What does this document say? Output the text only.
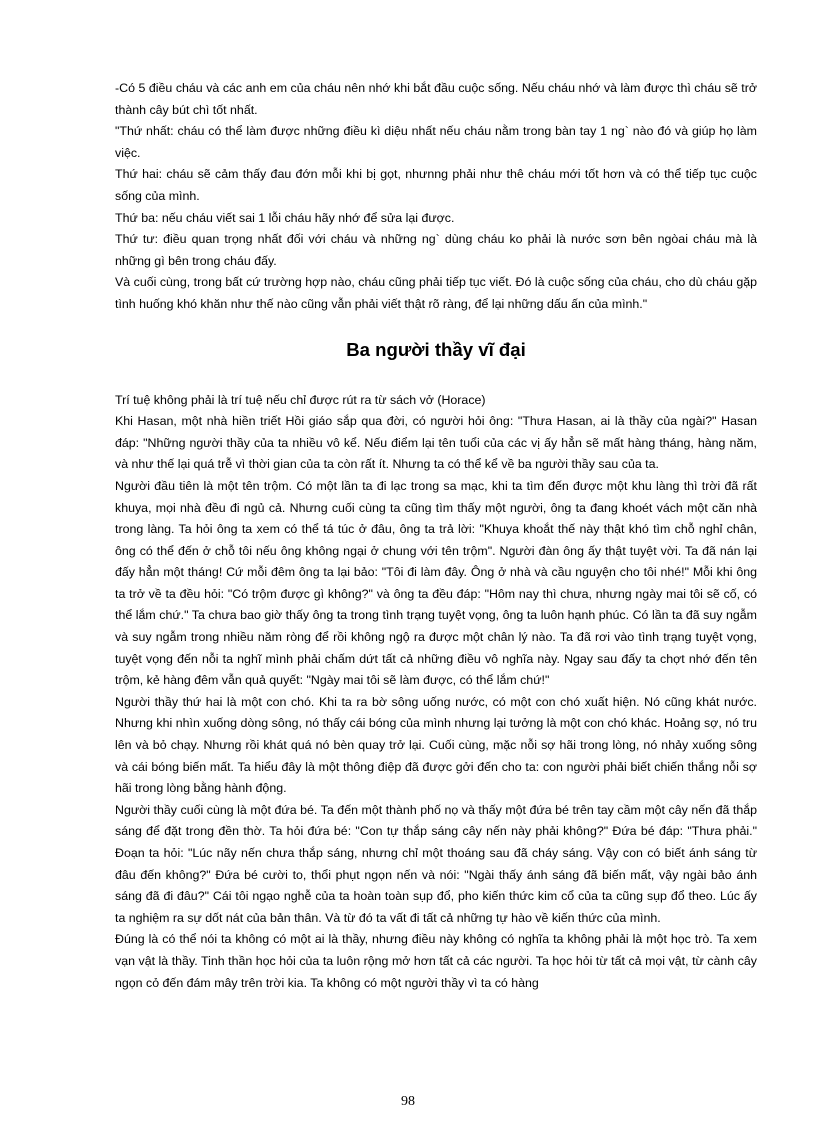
-Có 5 điều cháu và các anh em của cháu nên nhớ khi bắt đầu cuộc sống. Nếu cháu nhớ và làm được thì cháu sẽ trở thành cây bút chì tốt nhất.

"Thứ nhất: cháu có thể làm được những điều kì diệu nhất nếu cháu nằm trong bàn tay 1 ng` nào đó và giúp họ làm việc.

Thứ hai: cháu sẽ cảm thấy đau đớn mỗi khi bị gọt, nhưnng phải như thê cháu mới tốt hơn và có thể tiếp tục cuộc sống của mình.

Thứ ba: nếu cháu viết sai 1 lỗi cháu hãy nhớ để sửa lại được.

Thứ tư: điều quan trọng nhất đối với cháu và những ng` dùng cháu ko phải là nước sơn bên ngòai cháu mà là những gì bên trong cháu đấy.

Và cuối cùng, trong bất cứ trường hợp nào, cháu cũng phải tiếp tục viết. Đó là cuộc sống của cháu, cho dù cháu gặp tình huống khó khăn như thế nào cũng vẫn phải viết thật rõ ràng, để lại những dấu ấn của mình."

Ba người thầy vĩ đại

Trí tuệ không phải là trí tuệ nếu chỉ được rút ra từ sách vở (Horace)

Khi Hasan, một nhà hiền triết Hồi giáo sắp qua đời, có người hỏi ông: "Thưa Hasan, ai là thầy của ngài?" Hasan đáp: "Những người thầy của ta nhiều vô kể. Nếu điểm lại tên tuổi của các vị ấy hẳn sẽ mất hàng tháng, hàng năm, và như thế lại quá trễ vì thời gian của ta còn rất ít. Nhưng ta có thể kể về ba người thầy sau của ta.

Người đầu tiên là một tên trộm. Có một lần ta đi lạc trong sa mạc, khi ta tìm đến được một khu làng thì trời đã rất khuya, mọi nhà đều đi ngủ cả. Nhưng cuối cùng ta cũng tìm thấy một người, ông ta đang khoét vách một căn nhà trong làng. Ta hỏi ông ta xem có thể tá túc ở đâu, ông ta trả lời: "Khuya khoắt thế này thật khó tìm chỗ nghỉ chân, ông có thể đến ở chỗ tôi nếu ông không ngại ở chung với tên trộm". Người đàn ông ấy thật tuyệt vời. Ta đã nán lại đấy hẳn một tháng! Cứ mỗi đêm ông ta lại bảo: "Tôi đi làm đây. Ông ở nhà và cầu nguyện cho tôi nhé!" Mỗi khi ông ta trở về ta đều hỏi: "Có trộm được gì không?" và ông ta đều đáp: "Hôm nay thì chưa, nhưng ngày mai tôi sẽ cố, có thể lắm chứ." Ta chưa bao giờ thấy ông ta trong tình trạng tuyệt vọng, ông ta luôn hạnh phúc. Có lần ta đã suy ngẫm và suy ngẫm trong nhiều năm ròng để rồi không ngộ ra được một chân lý nào. Ta đã rơi vào tình trạng tuyệt vọng, tuyệt vọng đến nỗi ta nghĩ mình phải chấm dứt tất cả những điều vô nghĩa này. Ngay sau đấy ta chợt nhớ đến tên trộm, kẻ hàng đêm vẫn quả quyết: "Ngày mai tôi sẽ làm được, có thể lắm chứ!"

Người thầy thứ hai là một con chó. Khi ta ra bờ sông uống nước, có một con chó xuất hiện. Nó cũng khát nước. Nhưng khi nhìn xuống dòng sông, nó thấy cái bóng của mình nhưng lại tưởng là một con chó khác. Hoảng sợ, nó tru lên và bỏ chạy. Nhưng rồi khát quá nó bèn quay trở lại. Cuối cùng, mặc nỗi sợ hãi trong lòng, nó nhảy xuống sông và cái bóng biến mất. Ta hiểu đây là một thông điệp đã được gởi đến cho ta: con người phải biết chiến thắng nỗi sợ hãi trong lòng bằng hành động.

Người thầy cuối cùng là một đứa bé. Ta đến một thành phố nọ và thấy một đứa bé trên tay cầm một cây nến đã thắp sáng để đặt trong đền thờ. Ta hỏi đứa bé: "Con tự thắp sáng cây nến này phải không?" Đứa bé đáp: "Thưa phải." Đoạn ta hỏi: "Lúc nãy nến chưa thắp sáng, nhưng chỉ một thoáng sau đã cháy sáng. Vậy con có biết ánh sáng từ đâu đến không?" Đứa bé cười to, thổi phụt ngọn nến và nói: "Ngài thấy ánh sáng đã biến mất, vậy ngài bảo ánh sáng đã đi đâu?" Cái tôi ngạo nghễ của ta hoàn toàn sụp đổ, pho kiến thức kim cổ của ta cũng sụp đổ theo. Lúc ấy ta nghiệm ra sự dốt nát của bản thân. Và từ đó ta vất đi tất cả những tự hào về kiến thức của mình.

Đúng là có thể nói ta không có một ai là thầy, nhưng điều này không có nghĩa ta không phải là một học trò. Ta xem vạn vật là thầy. Tinh thần học hỏi của ta luôn rộng mở hơn tất cả các người. Ta học hỏi từ tất cả mọi vật, từ cành cây ngọn cỏ đến đám mây trên trời kia. Ta không có một người thầy vì ta có hàng

98
